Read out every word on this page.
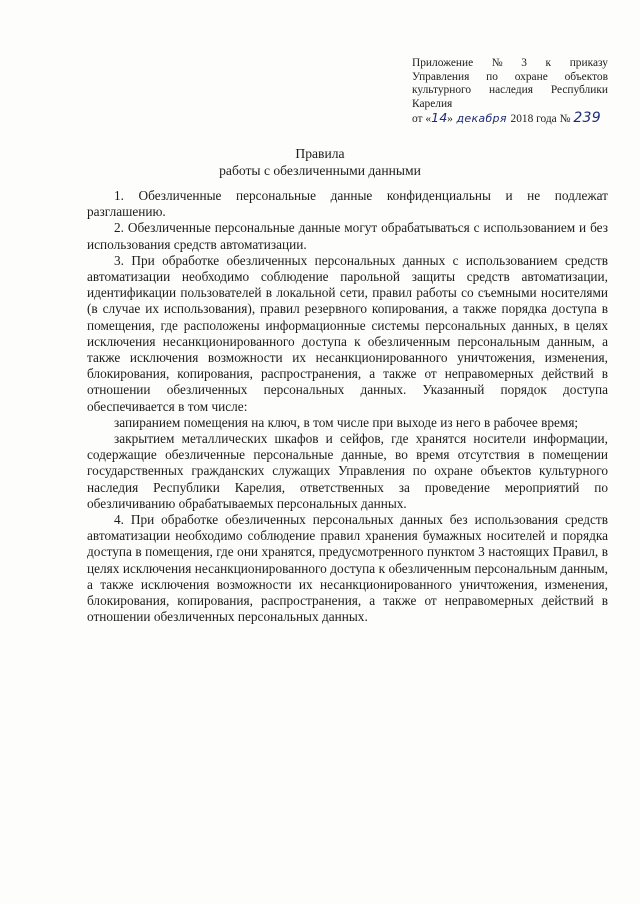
Приложение № 3 к приказу
Управления по охране объектов
культурного наследия Республики
Карелия
от «14» декабря 2018 года № 239
Правила
работы с обезличенными данными

1. Обезличенные персональные данные конфиденциальны и не подлежат разглашению.

2. Обезличенные персональные данные могут обрабатываться с использованием и без использования средств автоматизации.

3. При обработке обезличенных персональных данных с использованием средств автоматизации необходимо соблюдение парольной защиты средств автоматизации, идентификации пользователей в локальной сети, правил работы со съемными носителями (в случае их использования), правил резервного копирования, а также порядка доступа в помещения, где расположены информационные системы персональных данных, в целях исключения несанкционированного доступа к обезличенным персональным данным, а также исключения возможности их несанкционированного уничтожения, изменения, блокирования, копирования, распространения, а также от неправомерных действий в отношении обезличенных персональных данных. Указанный порядок доступа обеспечивается в том числе:

запиранием помещения на ключ, в том числе при выходе из него в рабочее время;

закрытием металлических шкафов и сейфов, где хранятся носители информации, содержащие обезличенные персональные данные, во время отсутствия в помещении государственных гражданских служащих Управления по охране объектов культурного наследия Республики Карелия, ответственных за проведение мероприятий по обезличиванию обрабатываемых персональных данных.

4. При обработке обезличенных персональных данных без использования средств автоматизации необходимо соблюдение правил хранения бумажных носителей и порядка доступа в помещения, где они хранятся, предусмотренного пунктом 3 настоящих Правил, в целях исключения несанкционированного доступа к обезличенным персональным данным, а также исключения возможности их несанкционированного уничтожения, изменения, блокирования, копирования, распространения, а также от неправомерных действий в отношении обезличенных персональных данных.
